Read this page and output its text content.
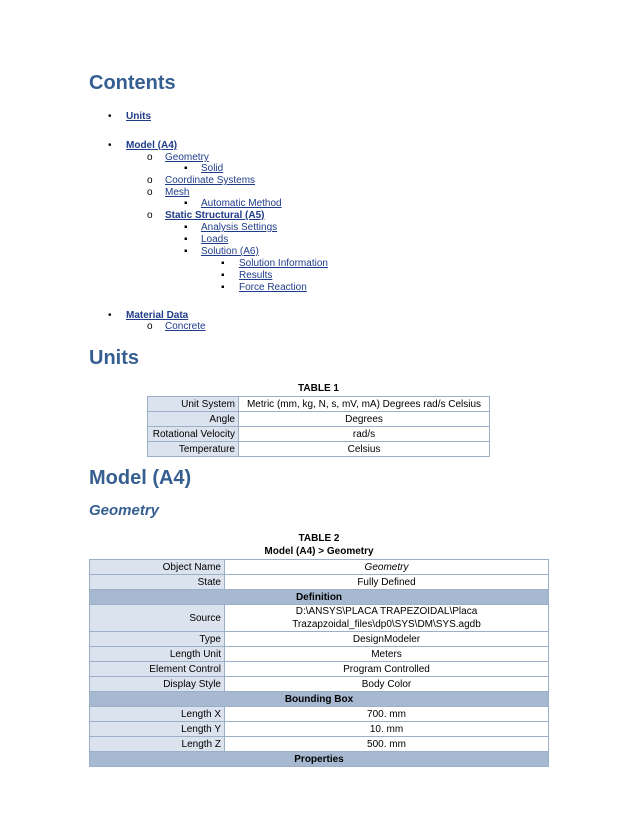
Contents
• Units
• Model (A4)
o Geometry
▪ Solid
o Coordinate Systems
o Mesh
▪ Automatic Method
o Static Structural (A5)
▪ Analysis Settings
▪ Loads
▪ Solution (A6)
▪ Solution Information
▪ Results
▪ Force Reaction
• Material Data
o Concrete
Units
TABLE 1
Unit System	Metric (mm, kg, N, s, mV, mA) Degrees rad/s Celsius
Angle	Degrees
Rotational Velocity	rad/s
Temperature	Celsius
Model (A4)
Geometry
TABLE 2
Model (A4) > Geometry
Object Name	Geometry
State	Fully Defined
Definition	
Source	D:\ANSYS\PLACA TRAPEZOIDAL\Placa
Trazapzoidal_files\dp0\SYS\DM\SYS.agdb

Type	DesignModeler
Length Unit	Meters
Element Control	Program Controlled
Display Style	Body Color
Bounding Box	
Length X	700. mm
Length Y	10. mm
Length Z	500. mm
Properties	
